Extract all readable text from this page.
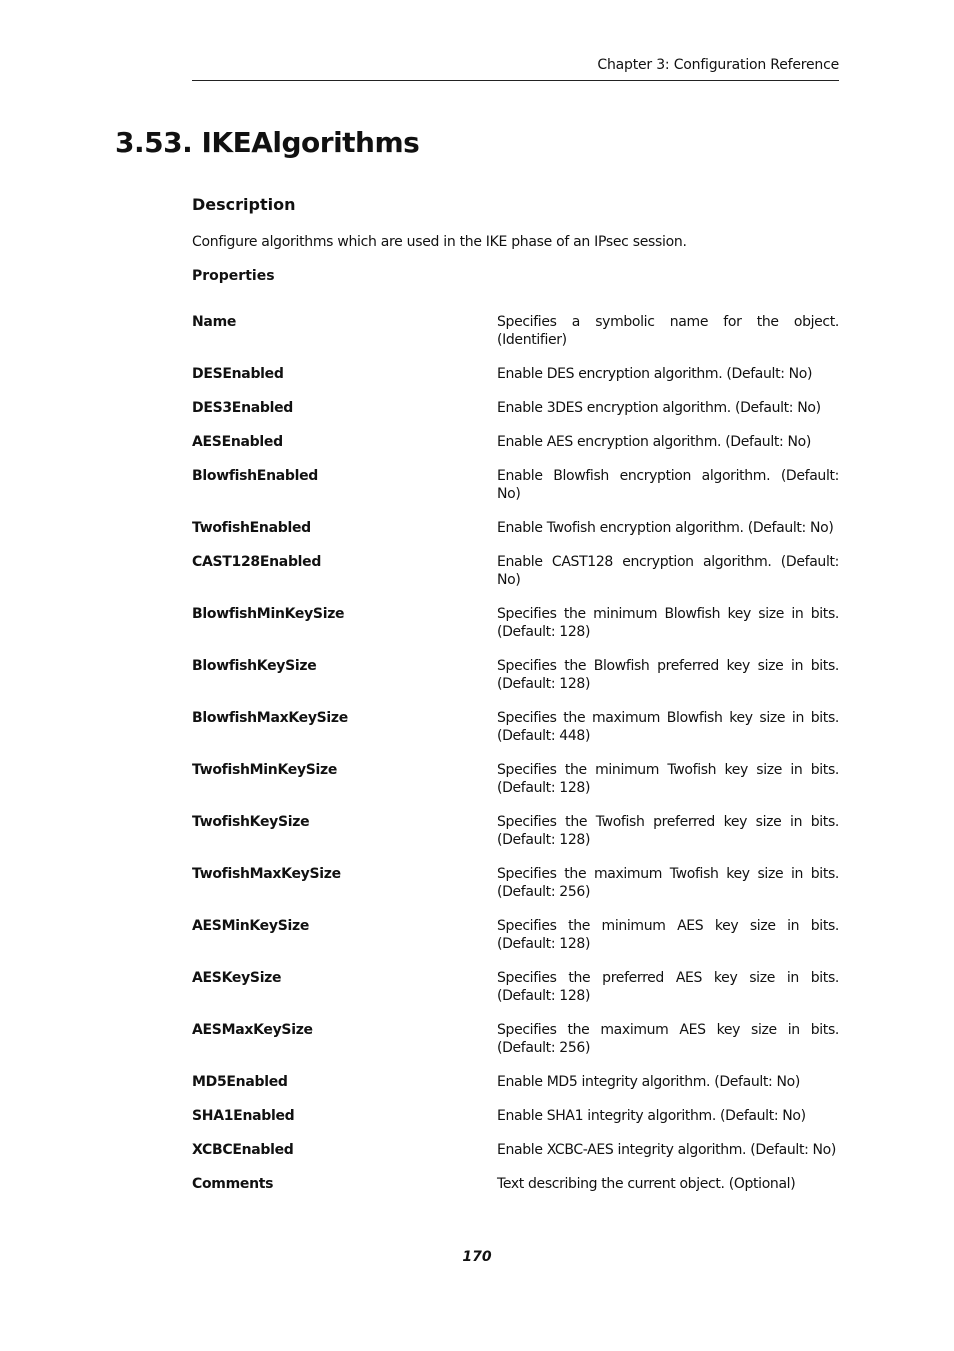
Chapter 3: Configuration Reference
3.53. IKEAlgorithms
Description

Configure algorithms which are used in the IKE phase of an IPsec session.

Properties
Name	Specifies a symbolic name for the object. (Identifier)
DESEnabled	Enable DES encryption algorithm. (Default: No)
DES3Enabled	Enable 3DES encryption algorithm. (Default: No)
AESEnabled	Enable AES encryption algorithm. (Default: No)
BlowfishEnabled	Enable Blowfish encryption algorithm. (Default: No)
TwofishEnabled	Enable Twofish encryption algorithm. (Default: No)
CAST128Enabled	Enable CAST128 encryption algorithm. (Default: No)
BlowfishMinKeySize	Specifies the minimum Blowfish key size in bits. (Default: 128)
BlowfishKeySize	Specifies the Blowfish preferred key size in bits. (Default: 128)
BlowfishMaxKeySize	Specifies the maximum Blowfish key size in bits. (Default: 448)
TwofishMinKeySize	Specifies the minimum Twofish key size in bits. (Default: 128)
TwofishKeySize	Specifies the Twofish preferred key size in bits. (Default: 128)
TwofishMaxKeySize	Specifies the maximum Twofish key size in bits. (Default: 256)
AESMinKeySize	Specifies the minimum AES key size in bits. (Default: 128)
AESKeySize	Specifies the preferred AES key size in bits. (Default: 128)
AESMaxKeySize	Specifies the maximum AES key size in bits. (Default: 256)
MD5Enabled	Enable MD5 integrity algorithm. (Default: No)
SHA1Enabled	Enable SHA1 integrity algorithm. (Default: No)
XCBCEnabled	Enable XCBC-AES integrity algorithm. (Default: No)
Comments	Text describing the current object. (Optional)
170
